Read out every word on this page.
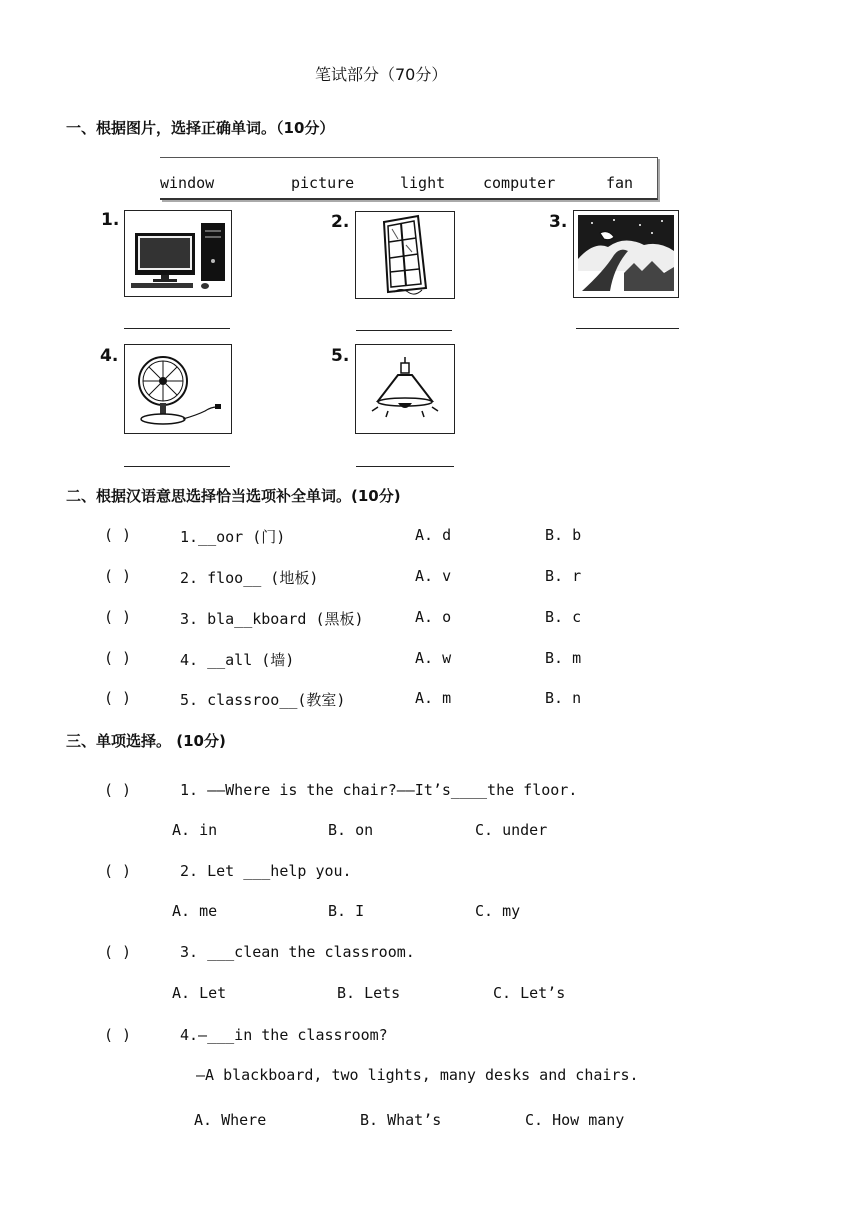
笔试部分（70分）
一、根据图片，选择正确单词。（10分）
window	picture	light	computer	fan
1.	2.	3.
4.	5.
二、根据汉语意思选择恰当选项补全单词。(10分)
( )	1.__oor (门)	A. d	B. b
( )	2. floo__ (地板)	A. v	B. r
( )	3. bla__kboard (黑板)	A. o	B. c
( )	4. __all (墙)	A. w	B. m
( )	5. classroo__(教室)	A. m	B. n
三、单项选择。 (10分)
( )	1. ——Where is the chair?——It’s____the floor.
A. in	B. on	C. under
( )	2. Let ___help you.
A. me	B. I	C. my
( )	3. ___clean the classroom.
A. Let	B. Lets	C. Let’s
( )	4.—___in the classroom?
—A blackboard, two lights, many desks and chairs.
A. Where	B. What’s	C. How many
